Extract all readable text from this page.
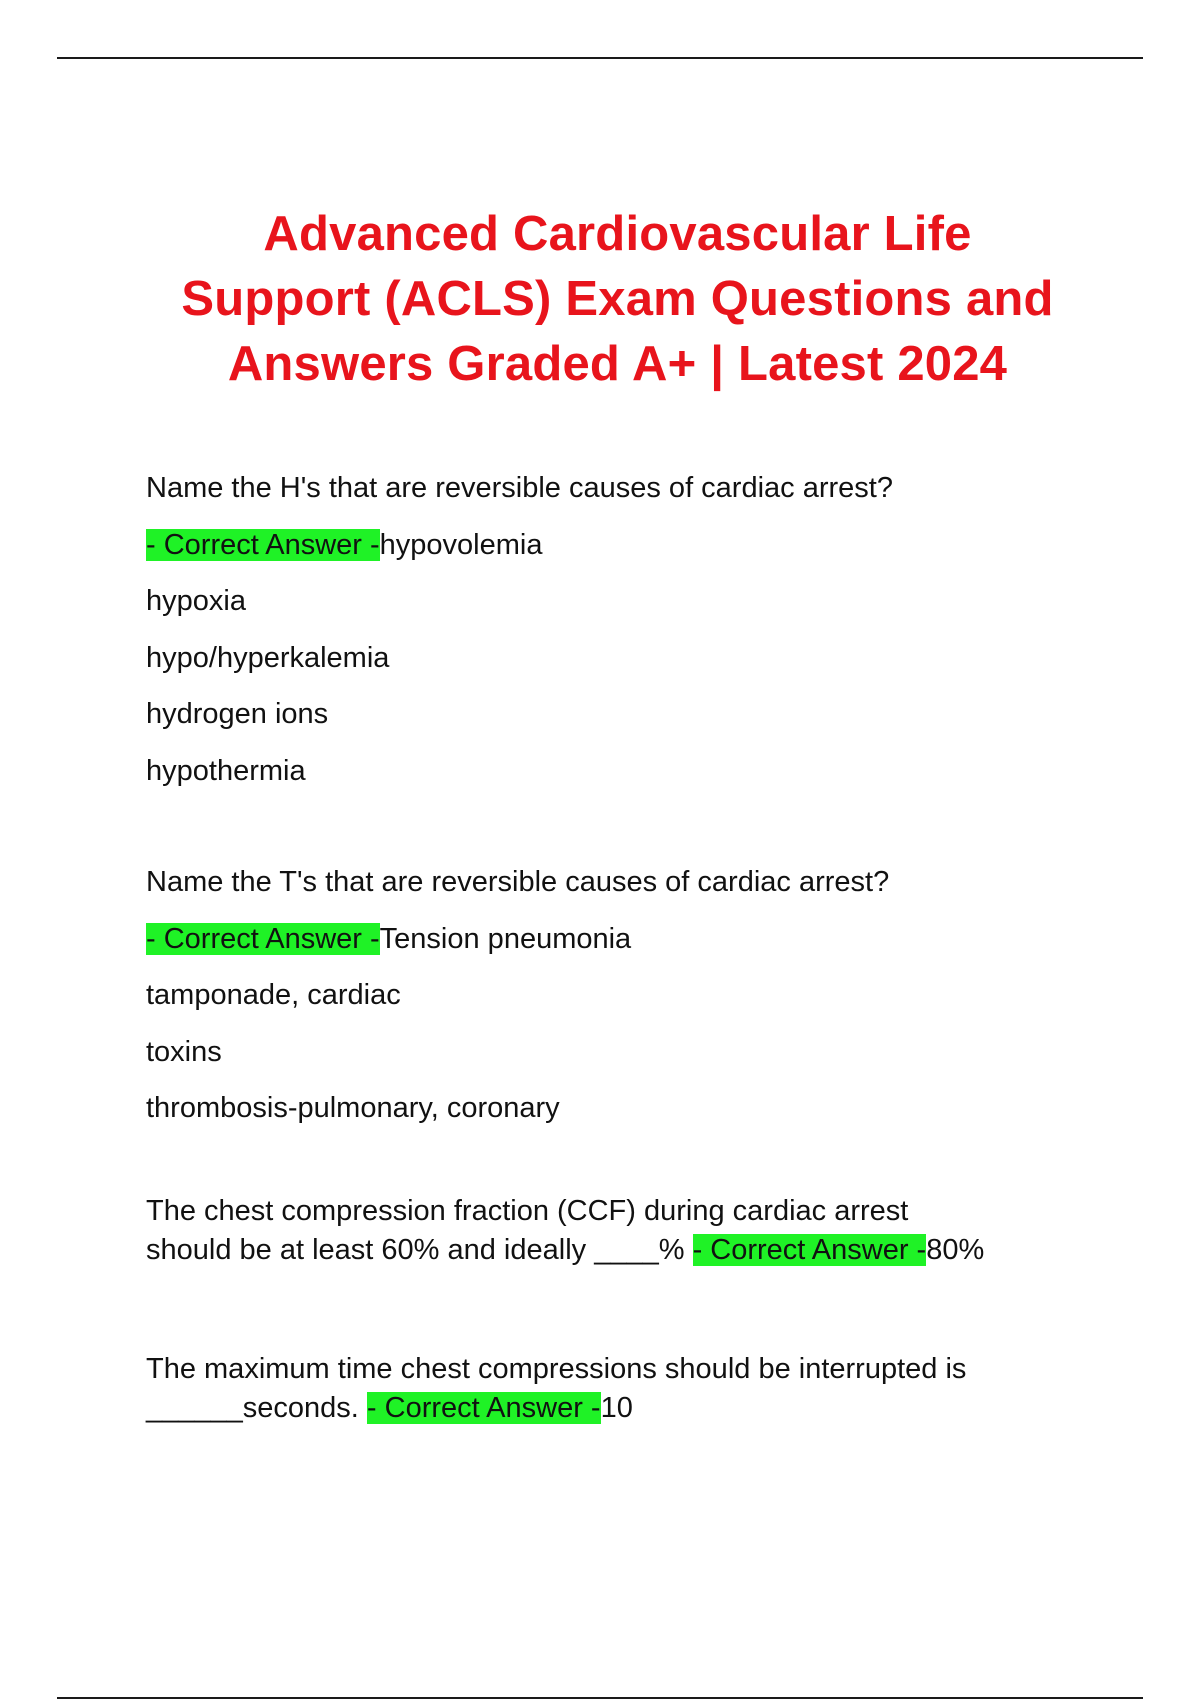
Advanced Cardiovascular Life
Support (ACLS) Exam Questions and
Answers Graded A+ | Latest 2024

Name the H's that are reversible causes of cardiac arrest?

- Correct Answer -hypovolemia

hypoxia

hypo/hyperkalemia

hydrogen ions

hypothermia

Name the T's that are reversible causes of cardiac arrest?

- Correct Answer -Tension pneumonia

tamponade, cardiac

toxins

thrombosis-pulmonary, coronary

The chest compression fraction (CCF) during cardiac arrest
should be at least 60% and ideally ____% - Correct Answer -80%

The maximum time chest compressions should be interrupted is
______seconds. - Correct Answer -10
